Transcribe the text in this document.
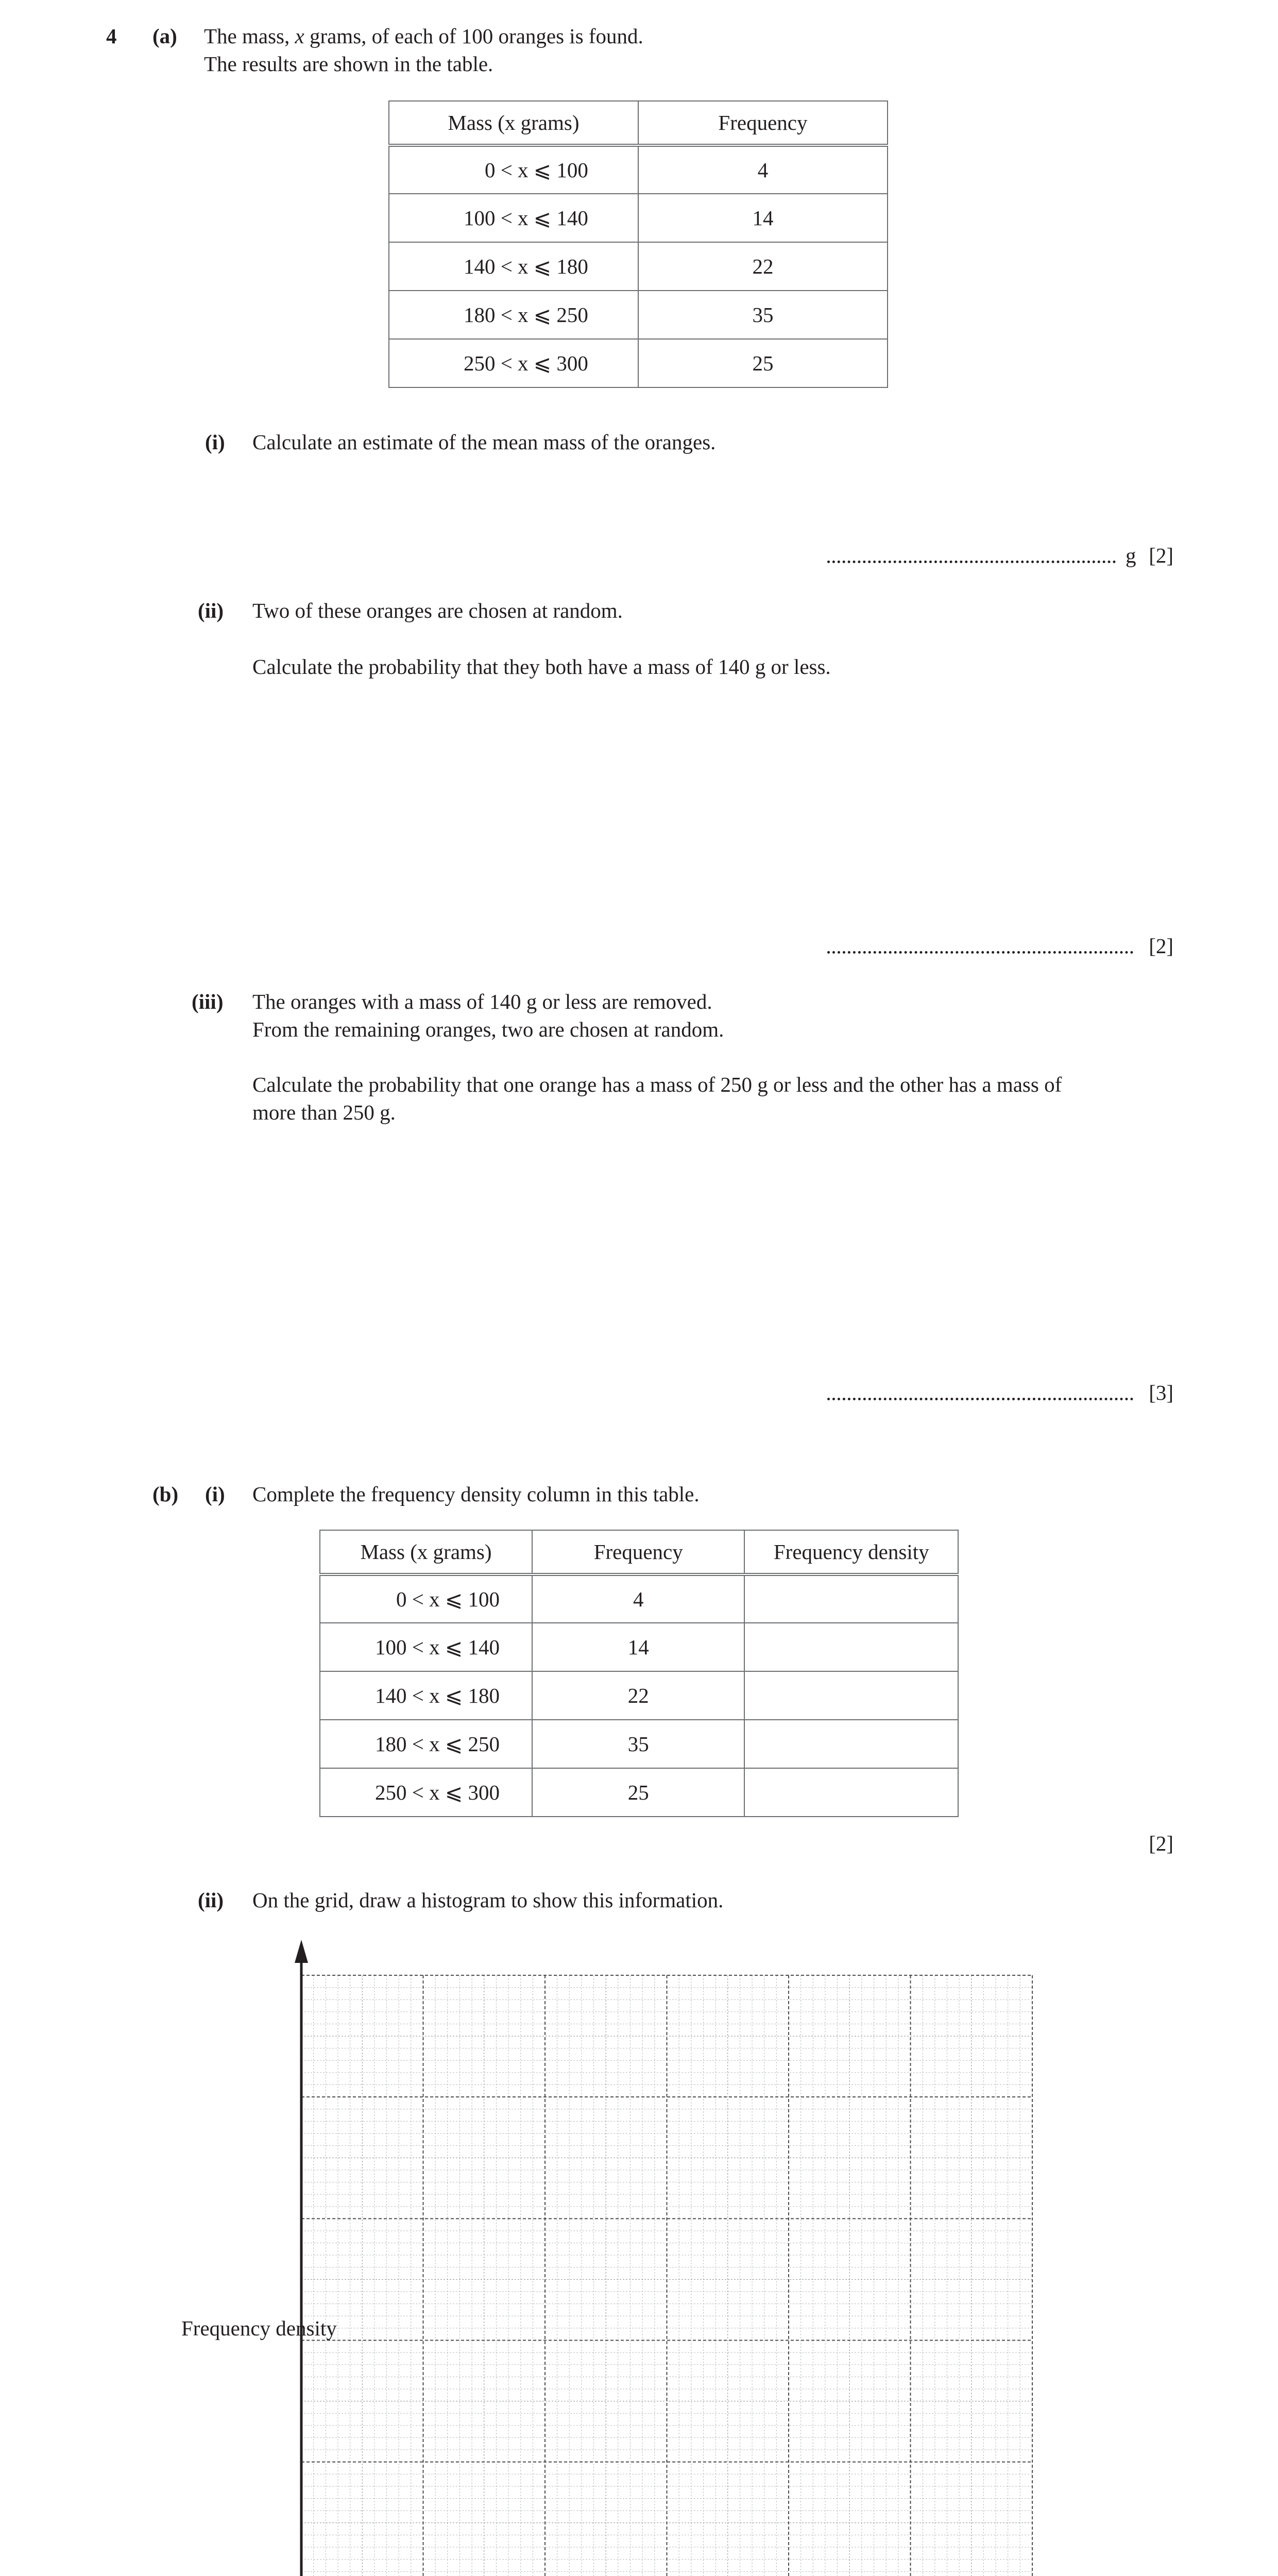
4 (a) The mass, x grams, of each of 100 oranges is found.
The results are shown in the table.
Mass (x grams)	Frequency
0 < x ⩽ 100	4
100 < x ⩽ 140	14
140 < x ⩽ 180	22
180 < x ⩽ 250	35
250 < x ⩽ 300	25
(i) Calculate an estimate of the mean mass of the oranges.
g [2]
(ii) Two of these oranges are chosen at random.
Calculate the probability that they both have a mass of 140 g or less.
[2]
(iii) The oranges with a mass of 140 g or less are removed.
From the remaining oranges, two are chosen at random.
Calculate the probability that one orange has a mass of 250 g or less and the other has a mass of
more than 250 g.
[3]
(b) (i) Complete the frequency density column in this table.
Mass (x grams)	Frequency	Frequency density
0 < x ⩽ 100	4	
100 < x ⩽ 140	14	
140 < x ⩽ 180	22	
180 < x ⩽ 250	35	
250 < x ⩽ 300	25	
[2]
(ii) On the grid, draw a histogram to show this information.
Frequency density
